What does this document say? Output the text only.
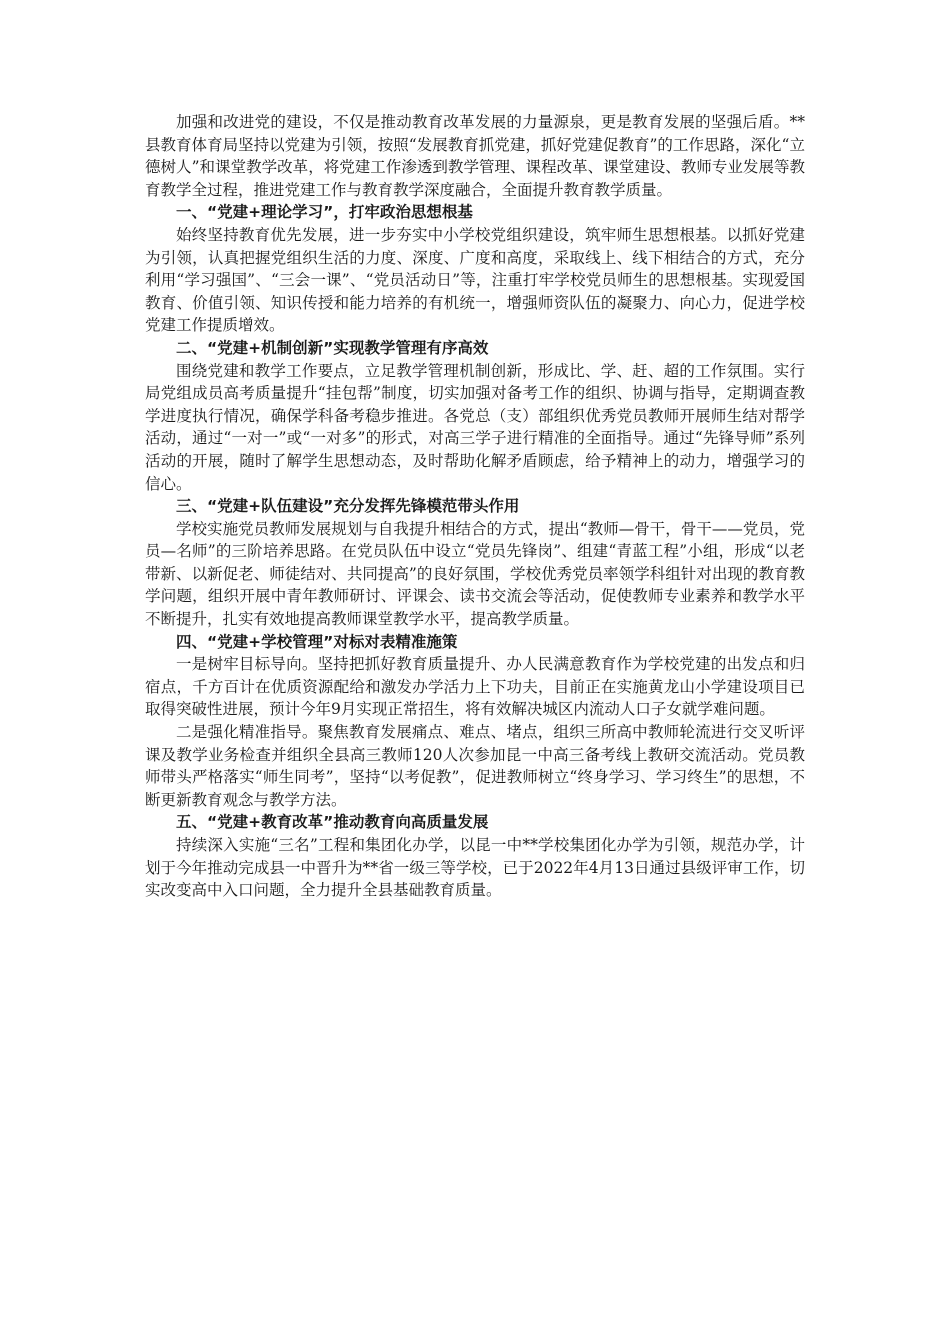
加强和改进党的建设，不仅是推动教育改革发展的力量源泉，更是教育发展的坚强后盾。**县教育体育局坚持以党建为引领，按照“发展教育抓党建，抓好党建促教育”的工作思路，深化“立德树人”和课堂教学改革，将党建工作渗透到教学管理、课程改革、课堂建设、教师专业发展等教育教学全过程，推进党建工作与教育教学深度融合，全面提升教育教学质量。

一、“党建+理论学习”，打牢政治思想根基

始终坚持教育优先发展，进一步夯实中小学校党组织建设，筑牢师生思想根基。以抓好党建为引领，认真把握党组织生活的力度、深度、广度和高度，采取线上、线下相结合的方式，充分利用“学习强国”、“三会一课”、“党员活动日”等，注重打牢学校党员师生的思想根基。实现爱国教育、价值引领、知识传授和能力培养的有机统一，增强师资队伍的凝聚力、向心力，促进学校党建工作提质增效。

二、“党建+机制创新”实现教学管理有序高效

围绕党建和教学工作要点，立足教学管理机制创新，形成比、学、赶、超的工作氛围。实行局党组成员高考质量提升“挂包帮”制度，切实加强对备考工作的组织、协调与指导，定期调查教学进度执行情况，确保学科备考稳步推进。各党总（支）部组织优秀党员教师开展师生结对帮学活动，通过“一对一”或“一对多”的形式，对高三学子进行精准的全面指导。通过“先锋导师”系列活动的开展，随时了解学生思想动态，及时帮助化解矛盾顾虑，给予精神上的动力，增强学习的信心。

三、“党建+队伍建设”充分发挥先锋模范带头作用

学校实施党员教师发展规划与自我提升相结合的方式，提出“教师—骨干，骨干——党员，党员—名师”的三阶培养思路。在党员队伍中设立“党员先锋岗”、组建“青蓝工程”小组，形成“以老带新、以新促老、师徒结对、共同提高”的良好氛围，学校优秀党员率领学科组针对出现的教育教学问题，组织开展中青年教师研讨、评课会、读书交流会等活动，促使教师专业素养和教学水平不断提升，扎实有效地提高教师课堂教学水平，提高教学质量。

四、“党建+学校管理”对标对表精准施策

一是树牢目标导向。坚持把抓好教育质量提升、办人民满意教育作为学校党建的出发点和归宿点，千方百计在优质资源配给和激发办学活力上下功夫，目前正在实施黄龙山小学建设项目已取得突破性进展，预计今年9月实现正常招生，将有效解决城区内流动人口子女就学难问题。

二是强化精准指导。聚焦教育发展痛点、难点、堵点，组织三所高中教师轮流进行交叉听评课及教学业务检查并组织全县高三教师120人次参加昆一中高三备考线上教研交流活动。党员教师带头严格落实“师生同考”，坚持“以考促教”，促进教师树立“终身学习、学习终生”的思想，不断更新教育观念与教学方法。

五、“党建+教育改革”推动教育向高质量发展

持续深入实施“三名”工程和集团化办学，以昆一中**学校集团化办学为引领，规范办学，计划于今年推动完成县一中晋升为**省一级三等学校，已于2022年4月13日通过县级评审工作，切实改变高中入口问题，全力提升全县基础教育质量。
